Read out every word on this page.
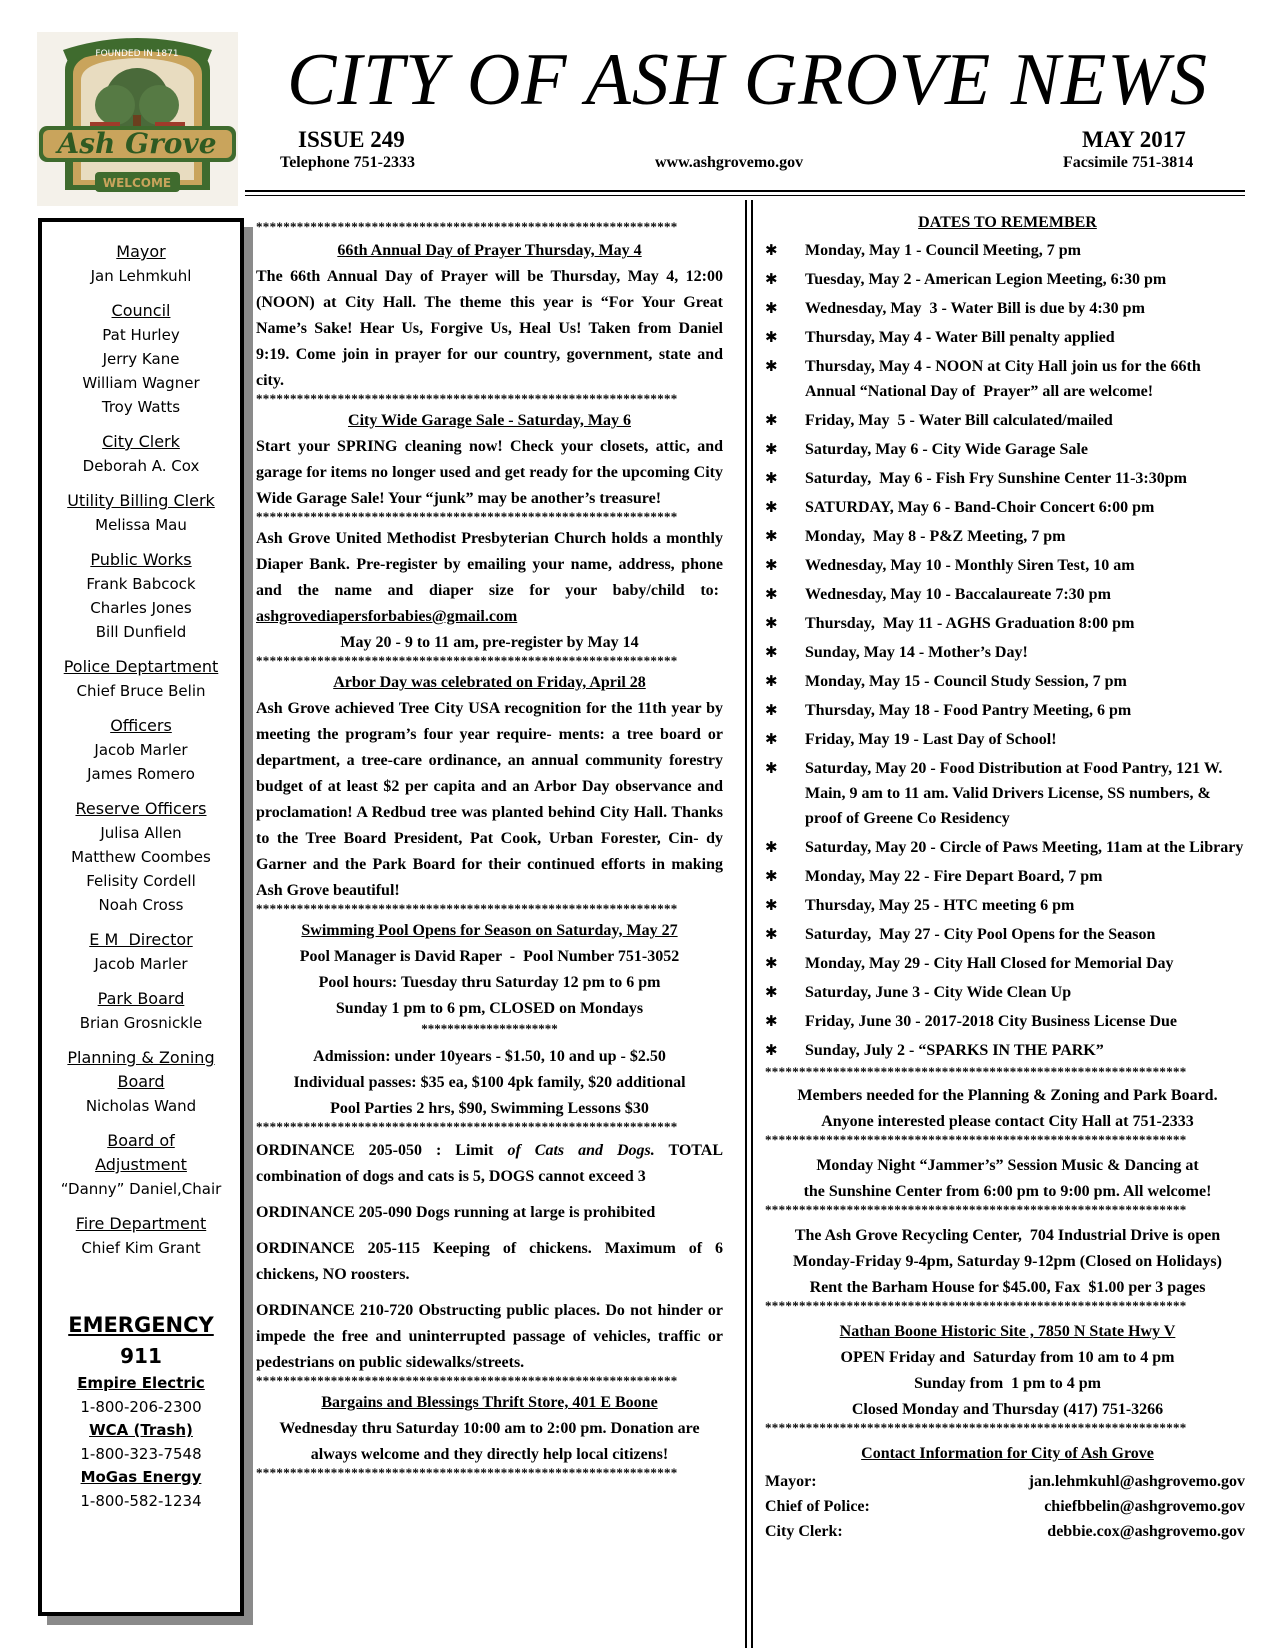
FOUNDED IN 1871
Ash Grove
WELCOME
CITY OF ASH GROVE NEWS
ISSUE 249	MAY 2017
Telephone 751-2333	www.ashgrovemo.gov	Facsimile 751-3814
Mayor
Jan Lehmkuhl
Council
Pat Hurley
Jerry Kane
William Wagner
Troy Watts
City Clerk
Deborah A. Cox
Utility Billing Clerk
Melissa Mau
Public Works
Frank Babcock
Charles Jones
Bill Dunfield
Police Deptartment
Chief Bruce Belin
Officers
Jacob Marler
James Romero
Reserve Officers
Julisa Allen
Matthew Coombes
Felisity Cordell
Noah Cross
E M  Director
Jacob Marler
Park Board
Brian Grosnickle
Planning & Zoning Board
Nicholas Wand
Board of Adjustment
“Danny” Daniel,Chair
Fire Department
Chief Kim Grant
EMERGENCY
911
Empire Electric
1-800-206-2300
WCA (Trash)
1-800-323-7548
MoGas Energy
1-800-582-1234
**************************************************************
66th Annual Day of Prayer Thursday, May 4
The 66th Annual Day of Prayer will be Thursday, May 4, 12:00 (NOON) at City Hall. The theme this year is “For Your Great Name’s Sake! Hear Us, Forgive Us, Heal Us! Taken from Daniel 9:19. Come join in prayer for our country, government, state and city.
**************************************************************
City Wide Garage Sale - Saturday, May 6
Start your SPRING cleaning now! Check your closets, attic, and garage for items no longer used and get ready for the upcoming City Wide Garage Sale! Your “junk” may be another’s treasure!
**************************************************************
Ash Grove United Methodist Presbyterian Church holds a monthly Diaper Bank. Pre-register by emailing your name, address, phone and the name and diaper size for your baby/child to:  ashgrovediapersforbabies@gmail.com
May 20 - 9 to 11 am, pre-register by May 14
**************************************************************
Arbor Day was celebrated on Friday, April 28
Ash Grove achieved Tree City USA recognition for the 11th year by meeting the program’s four year require- ments: a tree board or department, a tree-care ordinance, an annual community forestry budget of at least $2 per capita and an Arbor Day observance and proclamation! A Redbud tree was planted behind City Hall. Thanks to the Tree Board President, Pat Cook, Urban Forester, Cin- dy Garner and the Park Board for their continued efforts in making Ash Grove beautiful!
**************************************************************
Swimming Pool Opens for Season on Saturday, May 27
Pool Manager is David Raper  -  Pool Number 751-3052
Pool hours: Tuesday thru Saturday 12 pm to 6 pm
Sunday 1 pm to 6 pm, CLOSED on Mondays
*********************
Admission: under 10years - $1.50, 10 and up - $2.50
Individual passes: $35 ea, $100 4pk family, $20 additional
Pool Parties 2 hrs, $90, Swimming Lessons $30
**************************************************************
ORDINANCE 205-050 : Limit of Cats and Dogs. TOTAL combination of dogs and cats is 5, DOGS cannot exceed 3
ORDINANCE 205-090 Dogs running at large is prohibited
ORDINANCE 205-115 Keeping of chickens. Maximum of 6 chickens, NO roosters.
ORDINANCE 210-720 Obstructing public places. Do not hinder or impede the free and uninterrupted passage of vehicles, traffic or pedestrians on public sidewalks/streets.
**************************************************************
Bargains and Blessings Thrift Store, 401 E Boone
Wednesday thru Saturday 10:00 am to 2:00 pm. Donation are always welcome and they directly help local citizens!
**************************************************************
DATES TO REMEMBER
✱ Monday, May 1 - Council Meeting, 7 pm
✱ Tuesday, May 2 - American Legion Meeting, 6:30 pm
✱ Wednesday, May  3 - Water Bill is due by 4:30 pm
✱ Thursday, May 4 - Water Bill penalty applied
✱ Thursday, May 4 - NOON at City Hall join us for the 66th Annual “National Day of  Prayer” all are welcome!
✱ Friday, May  5 - Water Bill calculated/mailed
✱ Saturday, May 6 - City Wide Garage Sale
✱ Saturday,  May 6 - Fish Fry Sunshine Center 11-3:30pm
✱ SATURDAY, May 6 - Band-Choir Concert 6:00 pm
✱ Monday,  May 8 - P&Z Meeting, 7 pm
✱ Wednesday, May 10 - Monthly Siren Test, 10 am
✱ Wednesday, May 10 - Baccalaureate 7:30 pm
✱ Thursday,  May 11 - AGHS Graduation 8:00 pm
✱ Sunday, May 14 - Mother’s Day!
✱ Monday, May 15 - Council Study Session, 7 pm
✱ Thursday, May 18 - Food Pantry Meeting, 6 pm
✱ Friday, May 19 - Last Day of School!
✱ Saturday, May 20 - Food Distribution at Food Pantry, 121 W. Main, 9 am to 11 am. Valid Drivers License, SS numbers, & proof of Greene Co Residency
✱ Saturday, May 20 - Circle of Paws Meeting, 11am at the Library
✱ Monday, May 22 - Fire Depart Board, 7 pm
✱ Thursday, May 25 - HTC meeting 6 pm
✱ Saturday,  May 27 - City Pool Opens for the Season
✱ Monday, May 29 - City Hall Closed for Memorial Day
✱ Saturday, June 3 - City Wide Clean Up
✱ Friday, June 30 - 2017-2018 City Business License Due
✱ Sunday, July 2 - “SPARKS IN THE PARK”
**************************************************************
Members needed for the Planning & Zoning and Park Board.
Anyone interested please contact City Hall at 751-2333
**************************************************************
Monday Night “Jammer’s” Session Music & Dancing at
the Sunshine Center from 6:00 pm to 9:00 pm. All welcome!
**************************************************************
The Ash Grove Recycling Center,  704 Industrial Drive is open
Monday-Friday 9-4pm, Saturday 9-12pm (Closed on Holidays)
Rent the Barham House for $45.00, Fax  $1.00 per 3 pages
**************************************************************
Nathan Boone Historic Site , 7850 N State Hwy V
OPEN Friday and  Saturday from 10 am to 4 pm
Sunday from  1 pm to 4 pm
Closed Monday and Thursday (417) 751-3266
**************************************************************
Contact Information for City of Ash Grove
Mayor:	jan.lehmkuhl@ashgrovemo.gov
Chief of Police:	chiefbbelin@ashgrovemo.gov
City Clerk:	debbie.cox@ashgrovemo.gov
